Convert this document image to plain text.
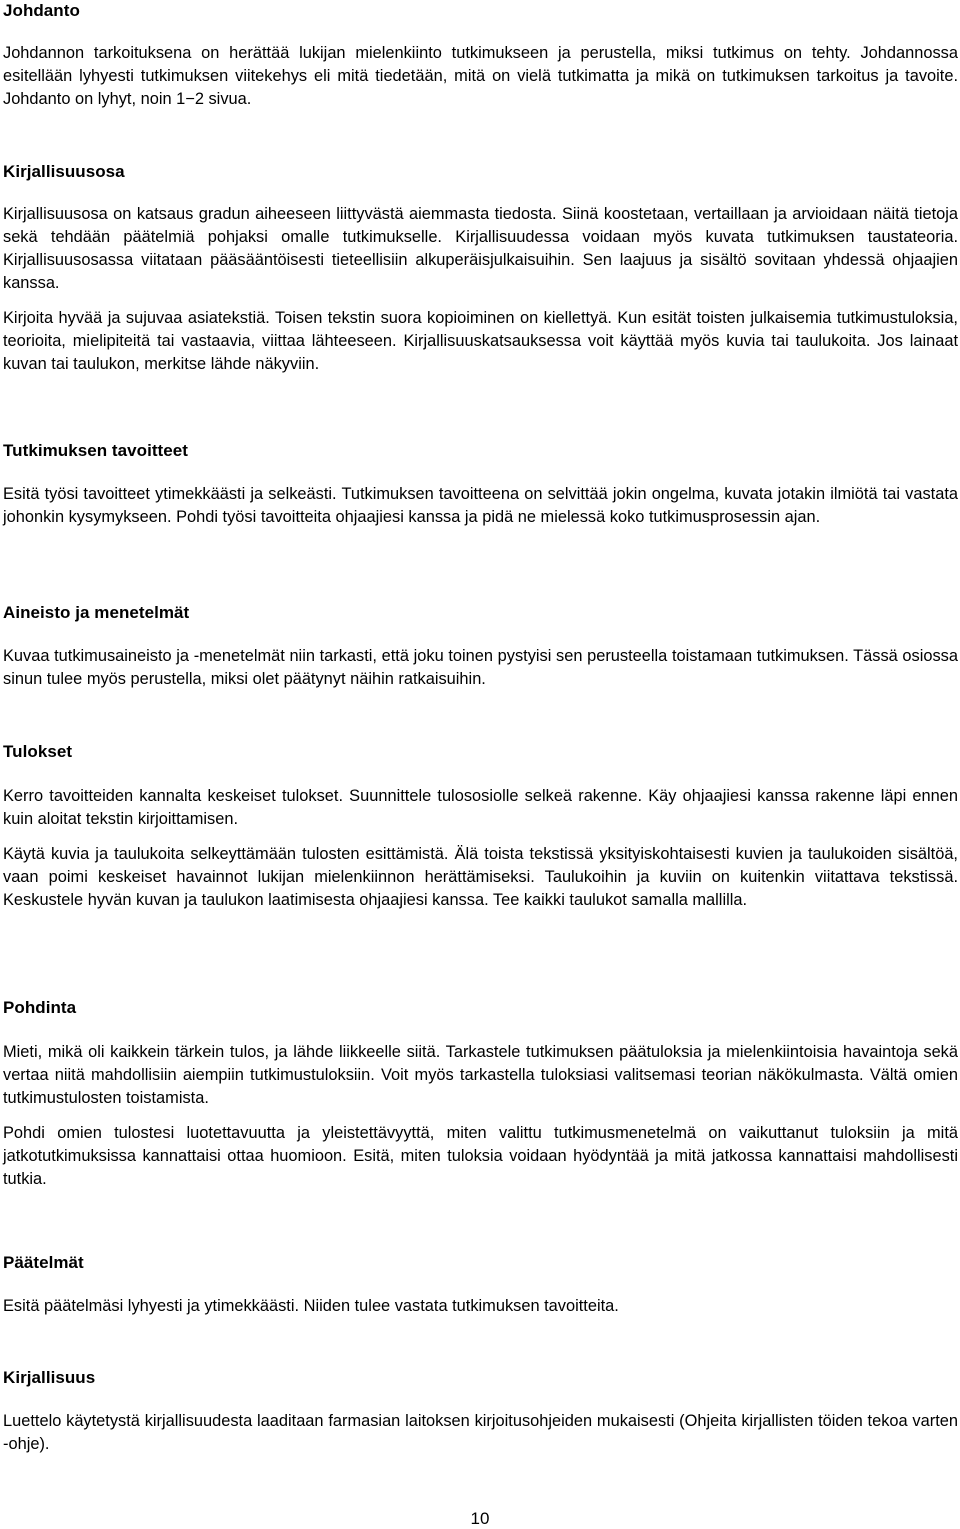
Johdanto

Johdannon tarkoituksena on herättää lukijan mielenkiinto tutkimukseen ja perustella, miksi tutkimus on tehty. Johdannossa esitellään lyhyesti tutkimuksen viitekehys eli mitä tiedetään, mitä on vielä tutkimatta ja mikä on tutkimuksen tarkoitus ja tavoite. Johdanto on lyhyt, noin 1−2 sivua.

Kirjallisuusosa

Kirjallisuusosa on katsaus gradun aiheeseen liittyvästä aiemmasta tiedosta. Siinä koostetaan, vertaillaan ja arvioidaan näitä tietoja sekä tehdään päätelmiä pohjaksi omalle tutkimukselle. Kirjallisuudessa voidaan myös kuvata tutkimuksen taustateoria. Kirjallisuusosassa viitataan pääsääntöisesti tieteellisiin alkuperäisjulkaisuihin. Sen laajuus ja sisältö sovitaan yhdessä ohjaajien kanssa.

Kirjoita hyvää ja sujuvaa asiatekstiä. Toisen tekstin suora kopioiminen on kiellettyä. Kun esität toisten julkaisemia tutkimustuloksia, teorioita, mielipiteitä tai vastaavia, viittaa lähteeseen. Kirjallisuuskatsauksessa voit käyttää myös kuvia tai taulukoita. Jos lainaat kuvan tai taulukon, merkitse lähde näkyviin.

Tutkimuksen tavoitteet

Esitä työsi tavoitteet ytimekkäästi ja selkeästi. Tutkimuksen tavoitteena on selvittää jokin ongelma, kuvata jotakin ilmiötä tai vastata johonkin kysymykseen. Pohdi työsi tavoitteita ohjaajiesi kanssa ja pidä ne mielessä koko tutkimusprosessin ajan.

Aineisto ja menetelmät

Kuvaa tutkimusaineisto ja -menetelmät niin tarkasti, että joku toinen pystyisi sen perusteella toistamaan tutkimuksen. Tässä osiossa sinun tulee myös perustella, miksi olet päätynyt näihin ratkaisuihin.

Tulokset

Kerro tavoitteiden kannalta keskeiset tulokset. Suunnittele tulososiolle selkeä rakenne. Käy ohjaajiesi kanssa rakenne läpi ennen kuin aloitat tekstin kirjoittamisen.

Käytä kuvia ja taulukoita selkeyttämään tulosten esittämistä. Älä toista tekstissä yksityiskohtaisesti kuvien ja taulukoiden sisältöä, vaan poimi keskeiset havainnot lukijan mielenkiinnon herättämiseksi. Taulukoihin ja kuviin on kuitenkin viitattava tekstissä. Keskustele hyvän kuvan ja taulukon laatimisesta ohjaajiesi kanssa. Tee kaikki taulukot samalla mallilla.

Pohdinta

Mieti, mikä oli kaikkein tärkein tulos, ja lähde liikkeelle siitä. Tarkastele tutkimuksen päätuloksia ja mielenkiintoisia havaintoja sekä vertaa niitä mahdollisiin aiempiin tutkimustuloksiin. Voit myös tarkastella tuloksiasi valitsemasi teorian näkökulmasta. Vältä omien tutkimustulosten toistamista.

Pohdi omien tulostesi luotettavuutta ja yleistettävyyttä, miten valittu tutkimusmenetelmä on vaikuttanut tuloksiin ja mitä jatkotutkimuksissa kannattaisi ottaa huomioon. Esitä, miten tuloksia voidaan hyödyntää ja mitä jatkossa kannattaisi mahdollisesti tutkia.

Päätelmät

Esitä päätelmäsi lyhyesti ja ytimekkäästi. Niiden tulee vastata tutkimuksen tavoitteita.

Kirjallisuus

Luettelo käytetystä kirjallisuudesta laaditaan farmasian laitoksen kirjoitusohjeiden mukaisesti (Ohjeita kirjallisten töiden tekoa varten -ohje).

10
